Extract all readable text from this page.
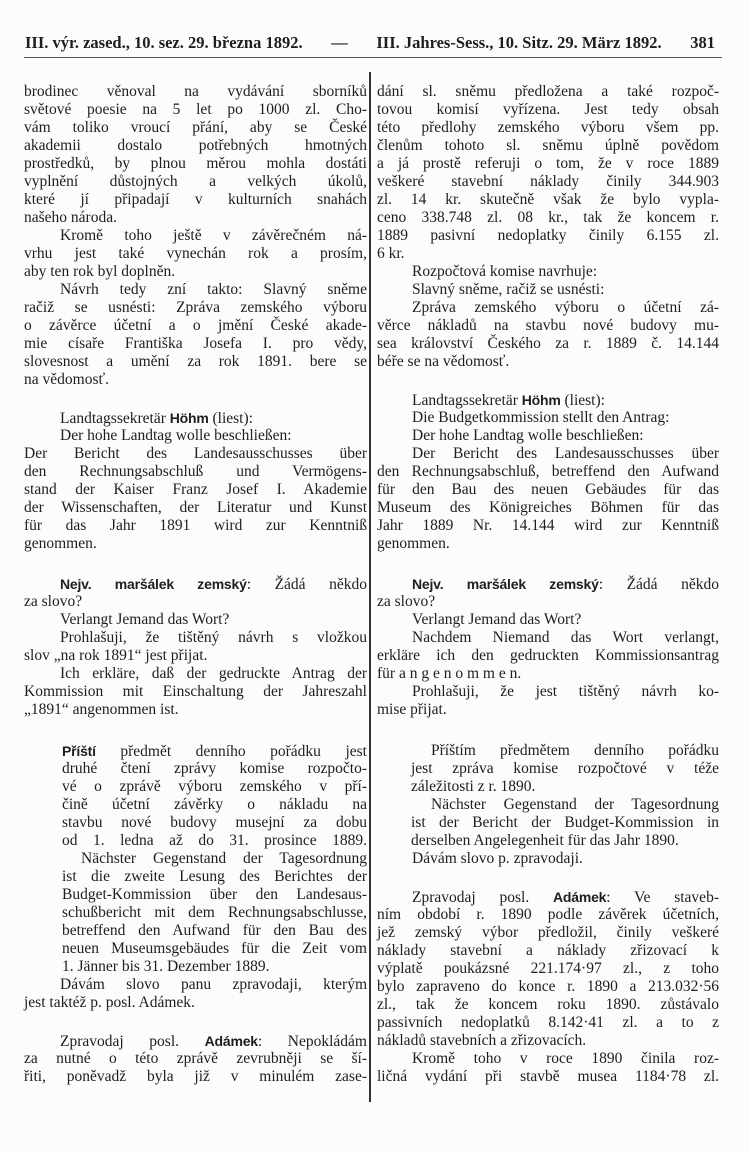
III. výr. zased., 10. sez. 29. března 1892. — III. Jahres-Sess., 10. Sitz. 29. März 1892. 381
brodinec věnoval na vydávání sborníků
světové poesie na 5 let po 1000 zl. Cho-
vám toliko vroucí přání, aby se České
akademii dostalo potřebných hmotných
prostředků, by plnou měrou mohla dostáti
vyplnění důstojných a velkých úkolů,
které jí připadají v kulturních snahách
našeho národa.
Kromě toho ještě v závěrečném ná-
vrhu jest také vynechán rok a prosím,
aby ten rok byl doplněn.
Návrh tedy zní takto: Slavný sněme
račiž se usnésti: Zpráva zemského výboru
o závěrce účetní a o jmění České akade-
mie císaře Františka Josefa I. pro vědy,
slovesnost a umění za rok 1891. bere se
na vědomosť.
Landtagssekretär Höhm (liest):
Der hohe Landtag wolle beschließen:
Der Bericht des Landesausschusses über
den Rechnungsabschluß und Vermögens-
stand der Kaiser Franz Josef I. Akademie
der Wissenschaften, der Literatur und Kunst
für das Jahr 1891 wird zur Kenntniß
genommen.
Nejv. maršálek zemský: Žádá někdo
za slovo?
Verlangt Jemand das Wort?
Prohlašuji, že tištěný návrh s vložkou
slov „na rok 1891“ jest přijat.
Ich erkläre, daß der gedruckte Antrag der
Kommission mit Einschaltung der Jahreszahl
„1891“ angenommen ist.
Příští předmět denního pořádku jest
druhé čtení zprávy komise rozpočto-
vé o zprávě výboru zemského v pří-
čině účetní závěrky o nákladu na
stavbu nové budovy musejní za dobu
od 1. ledna až do 31. prosince 1889.
Nächster Gegenstand der Tagesordnung
ist die zweite Lesung des Berichtes der
Budget-Kommission über den Landesaus-
schußbericht mit dem Rechnungsabschlusse,
betreffend den Aufwand für den Bau des
neuen Museumsgebäudes für die Zeit vom
1. Jänner bis 31. Dezember 1889.
Dávám slovo panu zpravodaji, kterým
jest taktéž p. posl. Adámek.
Zpravodaj posl. Adámek: Nepokládám
za nutné o této zprávě zevrubněji se ší-
řiti, poněvadž byla již v minulém zase-
dání sl. sněmu předložena a také rozpoč-
tovou komisí vyřízena. Jest tedy obsah
této předlohy zemského výboru všem pp.
členům tohoto sl. sněmu úplně povědom
a já prostě referuji o tom, že v roce 1889
veškeré stavební náklady činily 344.903
zl. 14 kr. skutečně však že bylo vypla-
ceno 338.748 zl. 08 kr., tak že koncem r.
1889 pasivní nedoplatky činily 6.155 zl.
6 kr.
Rozpočtová komise navrhuje:
Slavný sněme, račiž se usnésti:
Zpráva zemského výboru o účetní zá-
věrce nákladů na stavbu nové budovy mu-
sea království Českého za r. 1889 č. 14.144
béře se na vědomosť.
Landtagssekretär Höhm (liest):
Die Budgetkommission stellt den Antrag:
Der hohe Landtag wolle beschließen:
Der Bericht des Landesausschusses über
den Rechnungsabschluß, betreffend den Aufwand
für den Bau des neuen Gebäudes für das
Museum des Königreiches Böhmen für das
Jahr 1889 Nr. 14.144 wird zur Kenntniß
genommen.
Nejv. maršálek zemský: Žádá někdo
za slovo?
Verlangt Jemand das Wort?
Nachdem Niemand das Wort verlangt,
erkläre ich den gedruckten Kommissionsantrag
für a n g e n o m m e n.
Prohlašuji, že jest tištěný návrh ko-
mise přijat.
Příštím předmětem denního pořádku
jest zpráva komise rozpočtové v téže
záležitosti z r. 1890.
Nächster Gegenstand der Tagesordnung
ist der Bericht der Budget-Kommission in
derselben Angelegenheit für das Jahr 1890.
Dávám slovo p. zpravodaji.
Zpravodaj posl. Adámek: Ve staveb-
ním období r. 1890 podle závěrek účetních,
jež zemský výbor předložil, činily veškeré
náklady stavební a náklady zřizovací k
výplatě poukázsné 221.174·97 zl., z toho
bylo zapraveno do konce r. 1890 a 213.032·56
zl., tak že koncem roku 1890. zůstávalo
passivních nedoplatků 8.142·41 zl. a to z
nákladů stavebních a zřizovacích.
Kromě toho v roce 1890 činila roz-
ličná vydání při stavbě musea 1184·78 zl.
